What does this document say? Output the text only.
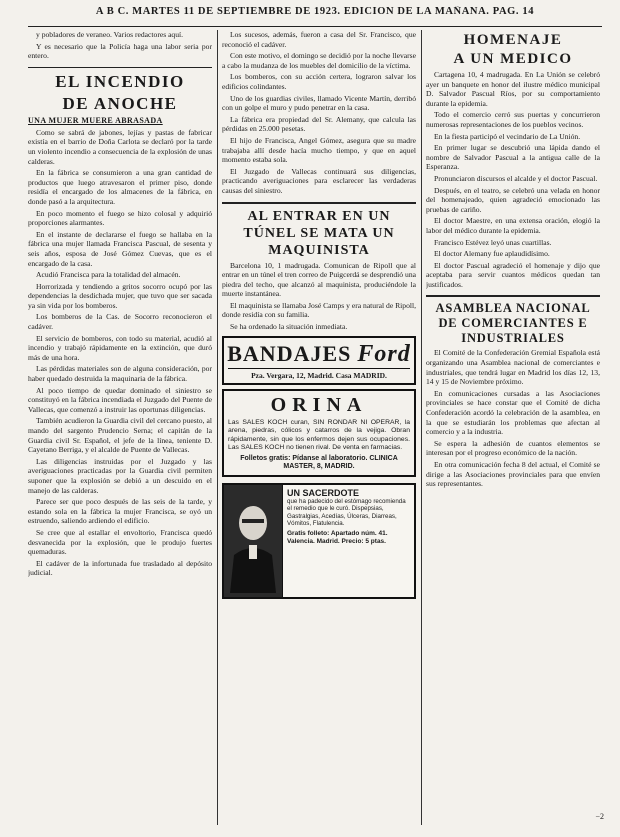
A B C. MARTES 11 DE SEPTIEMBRE DE 1923. EDICION DE LA MAÑANA. PAG. 14

y pobladores de veraneo. Varios redactores aquí.

Y es necesario que la Policía haga una labor seria por entero.

EL INCENDIO
DE ANOCHE
UNA MUJER MUERE ABRASADA

Como se sabrá de jabones, lejías y pastas de fabricar existía en el barrio de Doña Carlota se declaró por la tarde un violento incendio a consecuencia de la explosión de unas calderas.

En la fábrica se consumieron a una gran cantidad de productos que luego atravesaron el primer piso, donde residía el encargado de los almacenes de la fábrica, en donde pasó a la arquitectura.

En poco momento el fuego se hizo colosal y adquirió proporciones alarmantes.

En el instante de declararse el fuego se hallaba en la fábrica una mujer llamada Francisca Pascual, de sesenta y seis años, esposa de José Gómez Cuevas, que es el encargado de la casa.

Acudió Francisca para la totalidad del almacén.

Horrorizada y tendiendo a gritos socorro ocupó por las dependencias la desdichada mujer, que tuvo que ser sacada ya sin vida por los bomberos.

Los bomberos de la Cas. de Socorro reconocieron el cadáver.

El servicio de bomberos, con todo su material, acudió al incendio y trabajó rápidamente en la extinción, que duró más de una hora.

Las pérdidas materiales son de alguna consideración, por haber quedado destruida la maquinaria de la fábrica.

Al poco tiempo de quedar dominado el siniestro se constituyó en la fábrica incendiada el Juzgado del Puente de Vallecas, que comenzó a instruir las oportunas diligencias.

También acudieron la Guardia civil del cercano puesto, al mando del sargento Prudencio Serna; el capitán de la Guardia civil Sr. Español, el jefe de la línea, teniente D. Cayetano Berriga, y el alcalde de Puente de Vallecas.

Las diligencias instruidas por el Juzgado y las averiguaciones practicadas por la Guardia civil permiten suponer que la explosión se debió a un descuido en el manejo de las calderas.

Parece ser que poco después de las seis de la tarde, y estando sola en la fábrica la mujer Francisca, se oyó un estruendo, saliendo ardiendo el edificio.

Se cree que al estallar el envoltorio, Francisca quedó desvanecida por la explosión, que le produjo fuertes quemaduras.

El cadáver de la infortunada fue trasladado al depósito judicial.

Los sucesos, además, fueron a casa del Sr. Francisco, que reconoció el cadáver.

Con este motivo, el domingo se decidió por la noche llevarse a cabo la mudanza de los muebles del domicilio de la víctima.

Los bomberos, con su acción certera, lograron salvar los edificios colindantes.

Uno de los guardias civiles, llamado Vicente Martín, derribó con un golpe el muro y pudo penetrar en la casa.

La fábrica era propiedad del Sr. Alemany, que calcula las pérdidas en 25.000 pesetas.

El hijo de Francisca, Angel Gómez, asegura que su madre trabajaba allí desde hacía mucho tiempo, y que en aquel momento estaba sola.

El Juzgado de Vallecas continuará sus diligencias, practicando averiguaciones para esclarecer las verdaderas causas del siniestro.

AL ENTRAR EN UN TÚNEL SE MATA UN MAQUINISTA

Barcelona 10, 1 madrugada. Comunican de Ripoll que al entrar en un túnel el tren correo de Puigcerdá se desprendió una piedra del techo, que alcanzó al maquinista, produciéndole la muerte instantánea.

El maquinista se llamaba José Camps y era natural de Ripoll, donde residía con su familia.

Se ha ordenado la situación inmediata.

BANDAJES Ford
Pza. Vergara, 12, Madrid. Casa MADRID.
ORINA
Las SALES KOCH curan, SIN RONDAR NI OPERAR, la arena, piedras, cólicos y catarros de la vejiga. Obran rápidamente, sin que los enfermos dejen sus ocupaciones. Las SALES KOCH no tienen rival. De venta en farmacias.
Folletos gratis: Pídanse al laboratorio. CLINICA MASTER, 8, MADRID.
UN SACERDOTE
que ha padecido del estómago recomienda el remedio que le curó. Dispepsias, Gastralgias, Acedías, Úlceras, Diarreas, Vómitos, Flatulencia.
Gratis folleto: Apartado núm. 41. Valencia. Madrid. Precio: 5 ptas.
HOMENAJE
A UN MEDICO

Cartagena 10, 4 madrugada. En La Unión se celebró ayer un banquete en honor del ilustre médico municipal D. Salvador Pascual Ríos, por su comportamiento durante la epidemia.

Todo el comercio cerró sus puertas y concurrieron numerosas representaciones de los pueblos vecinos.

En la fiesta participó el vecindario de La Unión.

En primer lugar se descubrió una lápida dando el nombre de Salvador Pascual a la antigua calle de la Esperanza.

Pronunciaron discursos el alcalde y el doctor Pascual.

Después, en el teatro, se celebró una velada en honor del homenajeado, quien agradeció emocionado las pruebas de cariño.

El doctor Maestre, en una extensa oración, elogió la labor del médico durante la epidemia.

Francisco Estévez leyó unas cuartillas.

El doctor Alemany fue aplaudidísimo.

El doctor Pascual agradeció el homenaje y dijo que aceptaba para servir cuantos médicos quedan tan justificados.

ASAMBLEA NACIONAL DE COMERCIANTES E INDUSTRIALES

El Comité de la Confederación Gremial Española está organizando una Asamblea nacional de comerciantes e industriales, que tendrá lugar en Madrid los días 12, 13, 14 y 15 de Noviembre próximo.

En comunicaciones cursadas a las Asociaciones provinciales se hace constar que el Comité de dicha Confederación acordó la celebración de la asamblea, en la que se estudiarán los problemas que afectan al comercio y a la industria.

Se espera la adhesión de cuantos elementos se interesan por el progreso económico de la nación.

En otra comunicación fecha 8 del actual, el Comité se dirige a las Asociaciones provinciales para que envíen sus representantes.

−2
